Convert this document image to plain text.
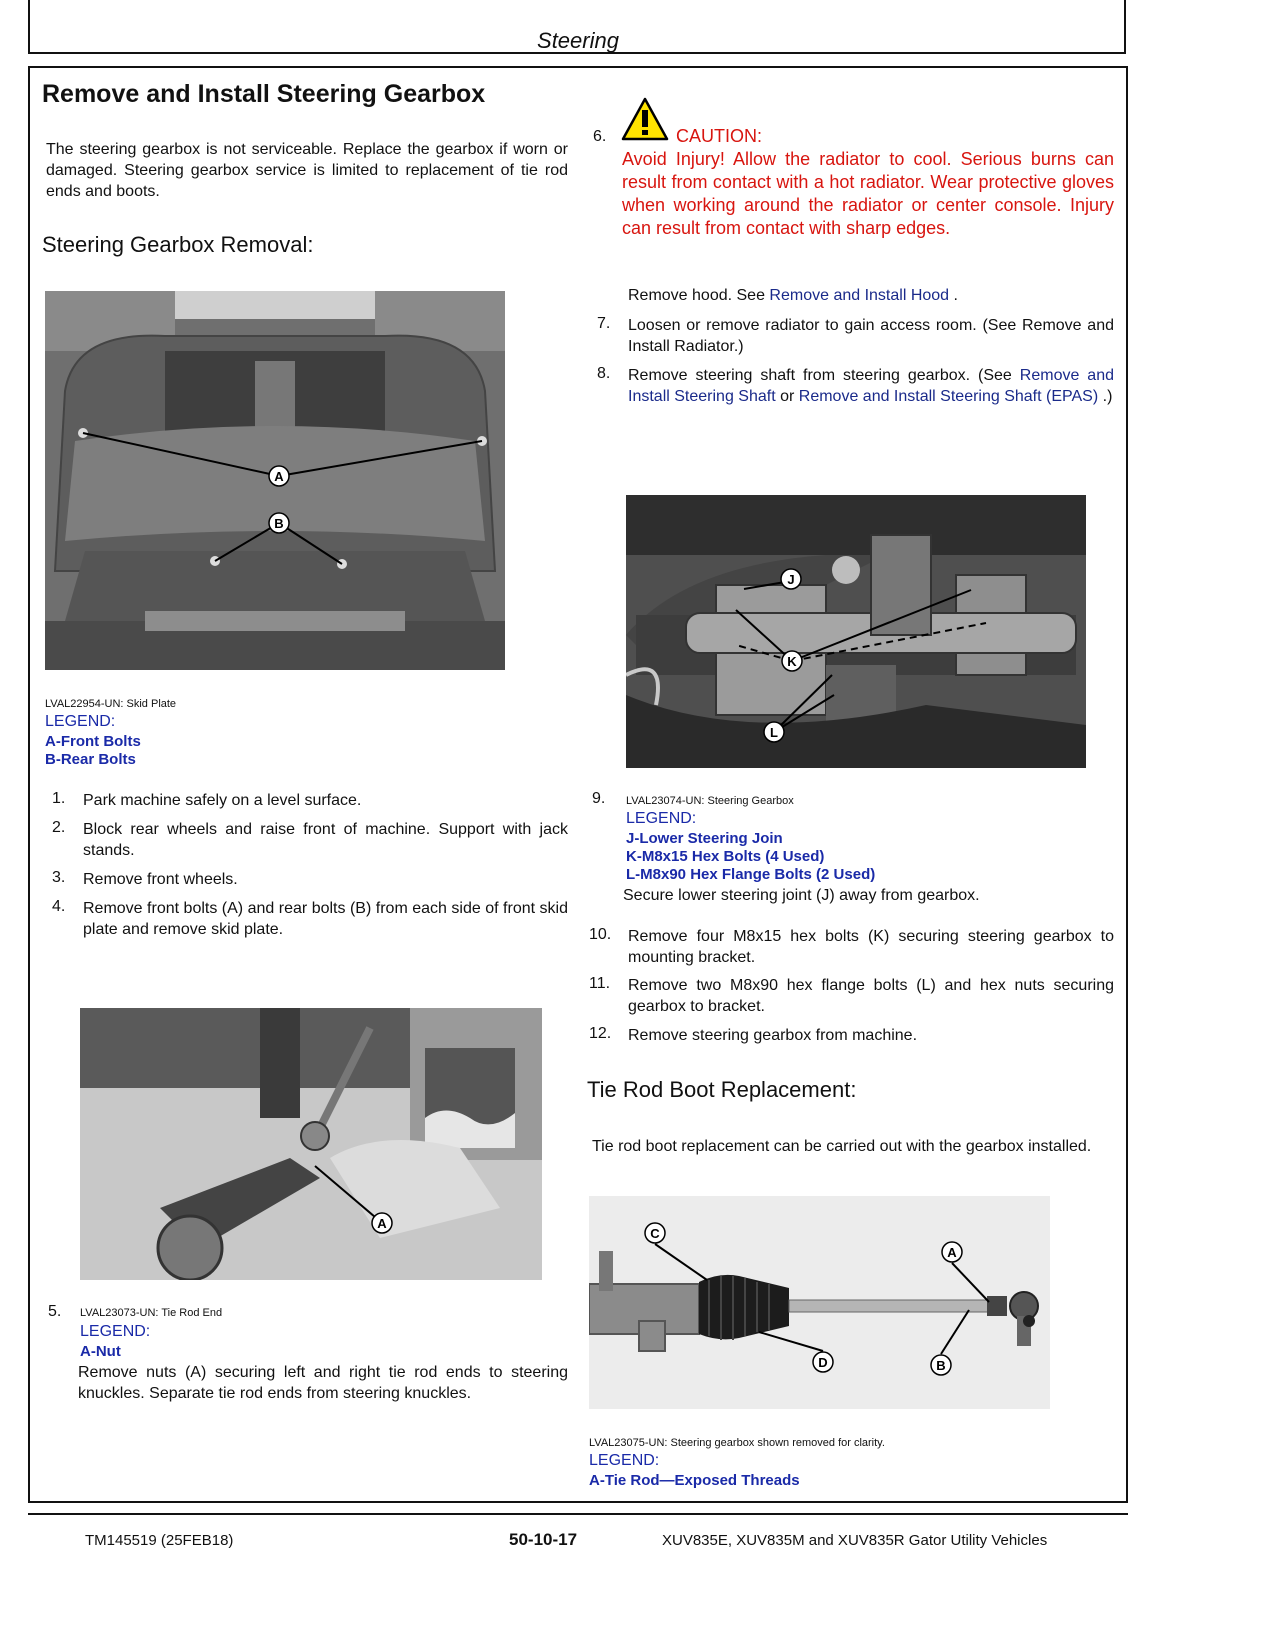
Steering
Remove and Install Steering Gearbox
The steering gearbox is not serviceable. Replace the gearbox if worn or damaged. Steering gearbox service is limited to replacement of tie rod ends and boots.
Steering Gearbox Removal:
A
B
LVAL22954-UN: Skid Plate
LEGEND:
A-Front Bolts
B-Rear Bolts
1. Park machine safely on a level surface.
2. Block rear wheels and raise front of machine. Support with jack stands.
3. Remove front wheels.
4. Remove front bolts (A) and rear bolts (B) from each side of front skid plate and remove skid plate.
A
5. LVAL23073-UN: Tie Rod End
LEGEND:
A-Nut
Remove nuts (A) securing left and right tie rod ends to steering knuckles. Separate tie rod ends from steering knuckles.
6.	CAUTION:
Avoid Injury! Allow the radiator to cool. Serious burns can result from contact with a hot radiator. Wear protective gloves when working around the radiator or center console. Injury can result from contact with sharp edges.
Remove hood. See Remove and Install Hood .
7. Loosen or remove radiator to gain access room. (See Remove and Install Radiator.)
8. Remove steering shaft from steering gearbox. (See Remove and Install Steering Shaft or Remove and Install Steering Shaft (EPAS) .)
J
K
L
9. LVAL23074-UN: Steering Gearbox
LEGEND:
J-Lower Steering Join
K-M8x15 Hex Bolts (4 Used)
L-M8x90 Hex Flange Bolts (2 Used)
Secure lower steering joint (J) away from gearbox.
10. Remove four M8x15 hex bolts (K) securing steering gearbox to mounting bracket.
11. Remove two M8x90 hex flange bolts (L) and hex nuts securing gearbox to bracket.
12. Remove steering gearbox from machine.
Tie Rod Boot Replacement:
Tie rod boot replacement can be carried out with the gearbox installed.
C
A
D	B
LVAL23075-UN: Steering gearbox shown removed for clarity.
LEGEND:
A-Tie Rod—Exposed Threads
TM145519 (25FEB18)	50-10-17	XUV835E, XUV835M and XUV835R Gator Utility Vehicles
